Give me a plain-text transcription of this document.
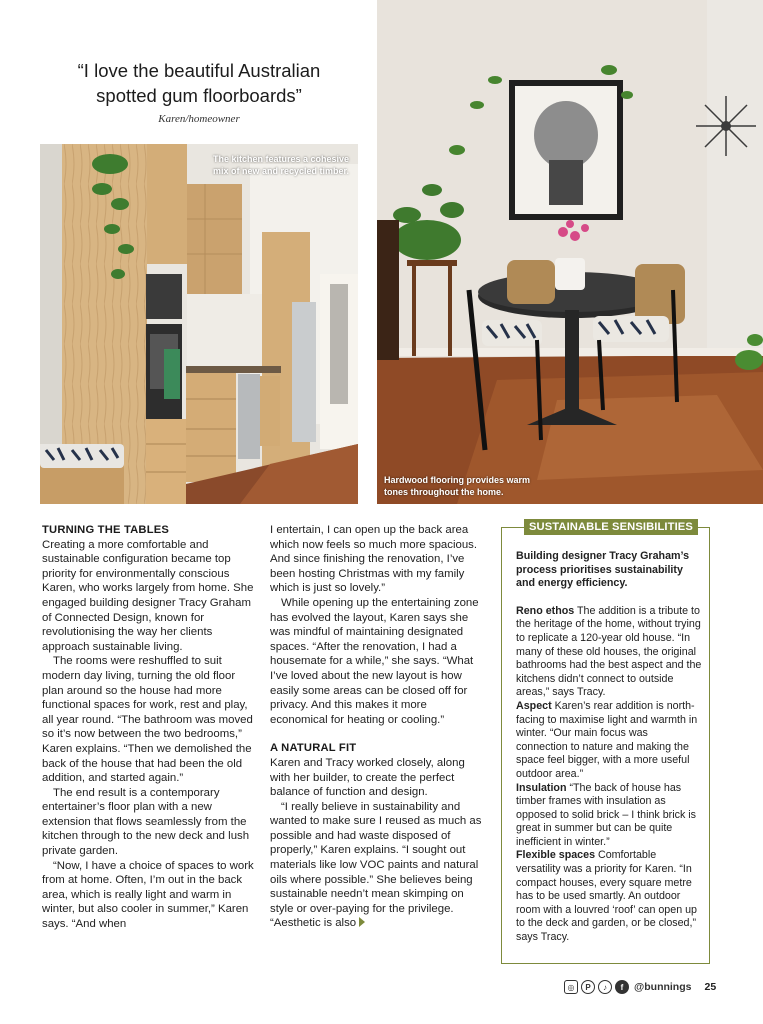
“I love the beautiful Australian
spotted gum floorboards”
Karen/homeowner
The kitchen features a cohesive mix of new and recycled timber.
Hardwood flooring provides warm tones throughout the home.
TURNING THE TABLES

Creating a more comfortable and sustainable configuration became top priority for environmentally conscious Karen, who works largely from home. She engaged building designer Tracy Graham of Connected Design, known for revolutionising the way her clients approach sustainable living.

The rooms were reshuffled to suit modern day living, turning the old floor plan around so the house had more functional spaces for work, rest and play, all year round. “The bathroom was moved so it’s now between the two bedrooms,” Karen explains. “Then we demolished the back of the house that had been the old addition, and started again.”

The end result is a contemporary entertainer’s floor plan with a new extension that flows seamlessly from the kitchen through to the new deck and lush private garden.

“Now, I have a choice of spaces to work from at home. Often, I’m out in the back area, which is really light and warm in winter, but also cooler in summer,” Karen says. “And when

I entertain, I can open up the back area which now feels so much more spacious. And since finishing the renovation, I’ve been hosting Christmas with my family which is just so lovely.”

While opening up the entertaining zone has evolved the layout, Karen says she was mindful of maintaining designated spaces. “After the renovation, I had a housemate for a while,” she says. “What I’ve loved about the new layout is how easily some areas can be closed off for privacy. And this makes it more economical for heating or cooling.”

A NATURAL FIT

Karen and Tracy worked closely, along with her builder, to create the perfect balance of function and design.

“I really believe in sustainability and wanted to make sure I reused as much as possible and had waste disposed of properly,” Karen explains. “I sought out materials like low VOC paints and natural oils where possible.” She believes being sustainable needn’t mean skimping on style or over-paying for the privilege. “Aesthetic is also

SUSTAINABLE SENSIBILITIES
Building designer Tracy Graham’s process prioritises sustainability and energy efficiency.
Reno ethos The addition is a tribute to the heritage of the home, without trying to replicate a 120-year old house. “In many of these old houses, the original bathrooms had the best aspect and the kitchens didn’t connect to outside areas,” says Tracy.
Aspect Karen’s rear addition is north-facing to maximise light and warmth in winter. “Our main focus was connection to nature and making the space feel bigger, with a more useful outdoor area.”
Insulation “The back of house has timber frames with insulation as opposed to solid brick – I think brick is great in summer but can be quite inefficient in winter.”
Flexible spaces Comfortable versatility was a priority for Karen. “In compact houses, every square metre has to be used smartly. An outdoor room with a louvred ‘roof’ can open up to the deck and garden, or be closed,” says Tracy.
◎	P	♪	f	@bunnings 25
